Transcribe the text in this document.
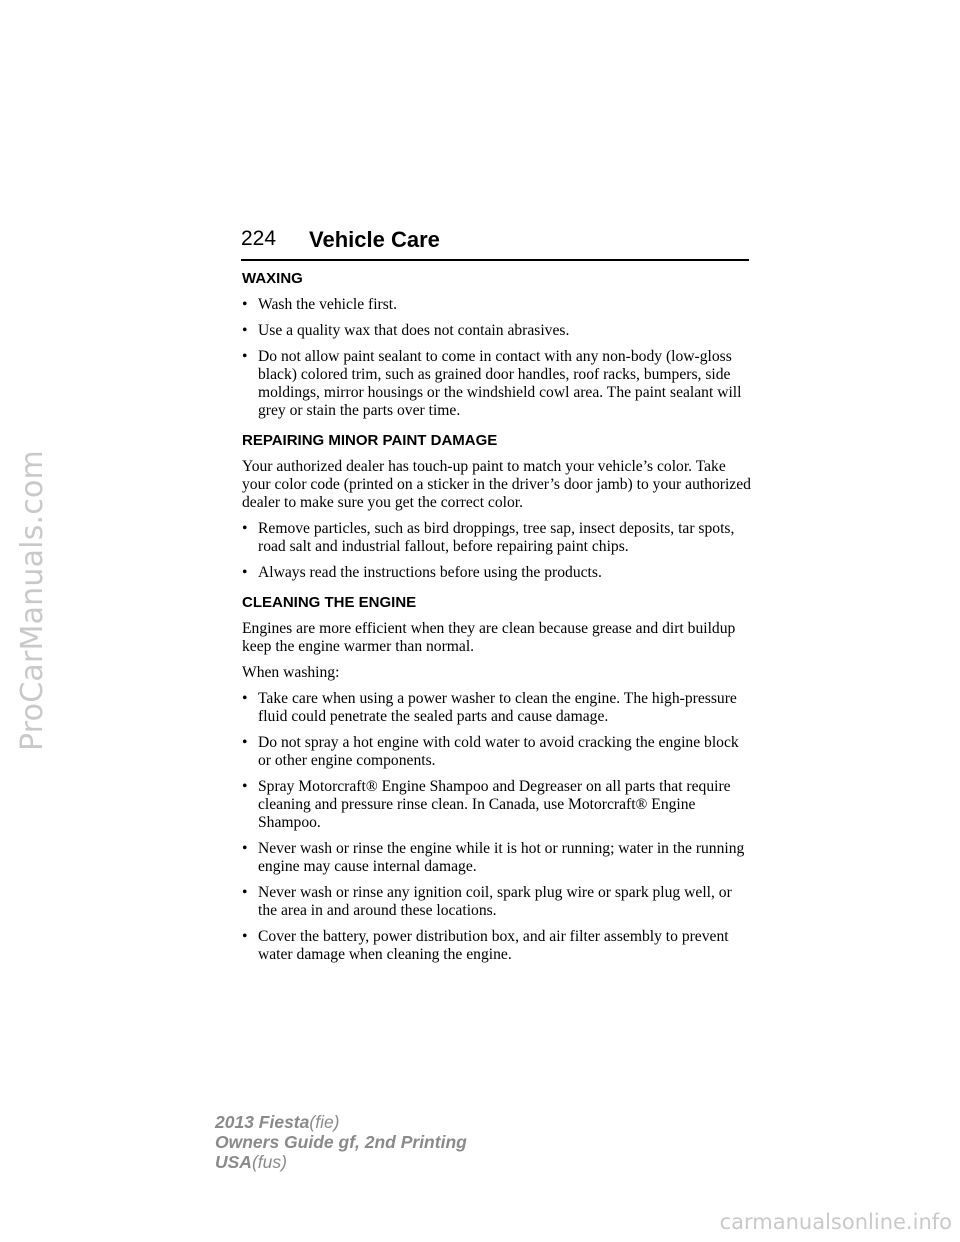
ProCarManuals.com
224 Vehicle Care
WAXING
• Wash the vehicle first.
• Use a quality wax that does not contain abrasives.
• Do not allow paint sealant to come in contact with any non-body (low-gloss black) colored trim, such as grained door handles, roof racks, bumpers, side moldings, mirror housings or the windshield cowl area. The paint sealant will grey or stain the parts over time.
REPAIRING MINOR PAINT DAMAGE
Your authorized dealer has touch-up paint to match your vehicle’s color. Take your color code (printed on a sticker in the driver’s door jamb) to your authorized dealer to make sure you get the correct color.
• Remove particles, such as bird droppings, tree sap, insect deposits, tar spots, road salt and industrial fallout, before repairing paint chips.
• Always read the instructions before using the products.
CLEANING THE ENGINE
Engines are more efficient when they are clean because grease and dirt buildup keep the engine warmer than normal.
When washing:
• Take care when using a power washer to clean the engine. The high-pressure fluid could penetrate the sealed parts and cause damage.
• Do not spray a hot engine with cold water to avoid cracking the engine block or other engine components.
• Spray Motorcraft® Engine Shampoo and Degreaser on all parts that require cleaning and pressure rinse clean. In Canada, use Motorcraft® Engine Shampoo.
• Never wash or rinse the engine while it is hot or running; water in the running engine may cause internal damage.
• Never wash or rinse any ignition coil, spark plug wire or spark plug well, or the area in and around these locations.
• Cover the battery, power distribution box, and air filter assembly to prevent water damage when cleaning the engine.
2013 Fiesta(fie)
Owners Guide gf, 2nd Printing
USA(fus)
carmanualsonline.info
